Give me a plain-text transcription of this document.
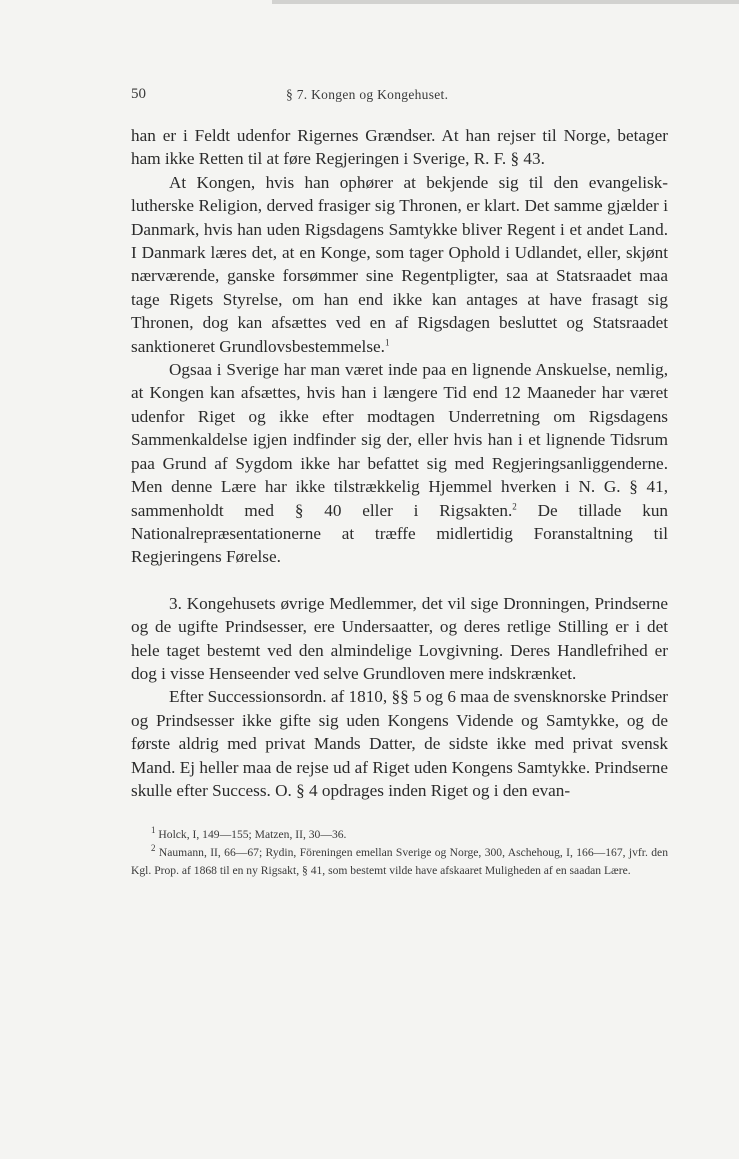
50	§ 7. Kongen og Kongehuset.

han er i Feldt udenfor Rigernes Grændser. At han rejser til Norge, betager ham ikke Retten til at føre Regjeringen i Sverige, R. F. § 43.

At Kongen, hvis han ophører at bekjende sig til den evangelisk-lutherske Religion, derved frasiger sig Thronen, er klart. Det samme gjælder i Danmark, hvis han uden Rigsdagens Samtykke bliver Regent i et andet Land. I Danmark læres det, at en Konge, som tager Ophold i Udlandet, eller, skjønt nærværende, ganske forsømmer sine Regentpligter, saa at Statsraadet maa tage Rigets Styrelse, om han end ikke kan antages at have frasagt sig Thronen, dog kan afsættes ved en af Rigsdagen besluttet og Statsraadet sanktioneret Grundlovsbestemmelse.$^1$

Ogsaa i Sverige har man været inde paa en lignende Anskuelse, nemlig, at Kongen kan afsættes, hvis han i længere Tid end 12 Maaneder har været udenfor Riget og ikke efter modtagen Underretning om Rigsdagens Sammenkaldelse igjen indfinder sig der, eller hvis han i et lignende Tidsrum paa Grund af Sygdom ikke har befattet sig med Regjeringsanliggenderne. Men denne Lære har ikke tilstrækkelig Hjemmel hverken i N. G. § 41, sammenholdt med § 40 eller i Rigsakten.$^2$ De tillade kun Nationalrepræsentationerne at træffe midlertidig Foranstaltning til Regjeringens Førelse.

3. Kongehusets øvrige Medlemmer, det vil sige Dronningen, Prindserne og de ugifte Prindsesser, ere Undersaatter, og deres retlige Stilling er i det hele taget bestemt ved den almindelige Lovgivning. Deres Handlefrihed er dog i visse Henseender ved selve Grundloven mere indskrænket.

Efter Successionsordn. af 1810, §§ 5 og 6 maa de svensknorske Prindser og Prindsesser ikke gifte sig uden Kongens Vidende og Samtykke, og de første aldrig med privat Mands Datter, de sidste ikke med privat svensk Mand. Ej heller maa de rejse ud af Riget uden Kongens Samtykke. Prindserne skulle efter Success. O. § 4 opdrages inden Riget og i den evan-

$^1$ Holck, I, 149—155; Matzen, II, 30—36.

$^2$ Naumann, II, 66—67; Rydin, Föreningen emellan Sverige og Norge, 300, Aschehoug, I, 166—167, jvfr. den Kgl. Prop. af 1868 til en ny Rigsakt, § 41, som bestemt vilde have afskaaret Muligheden af en saadan Lære.
